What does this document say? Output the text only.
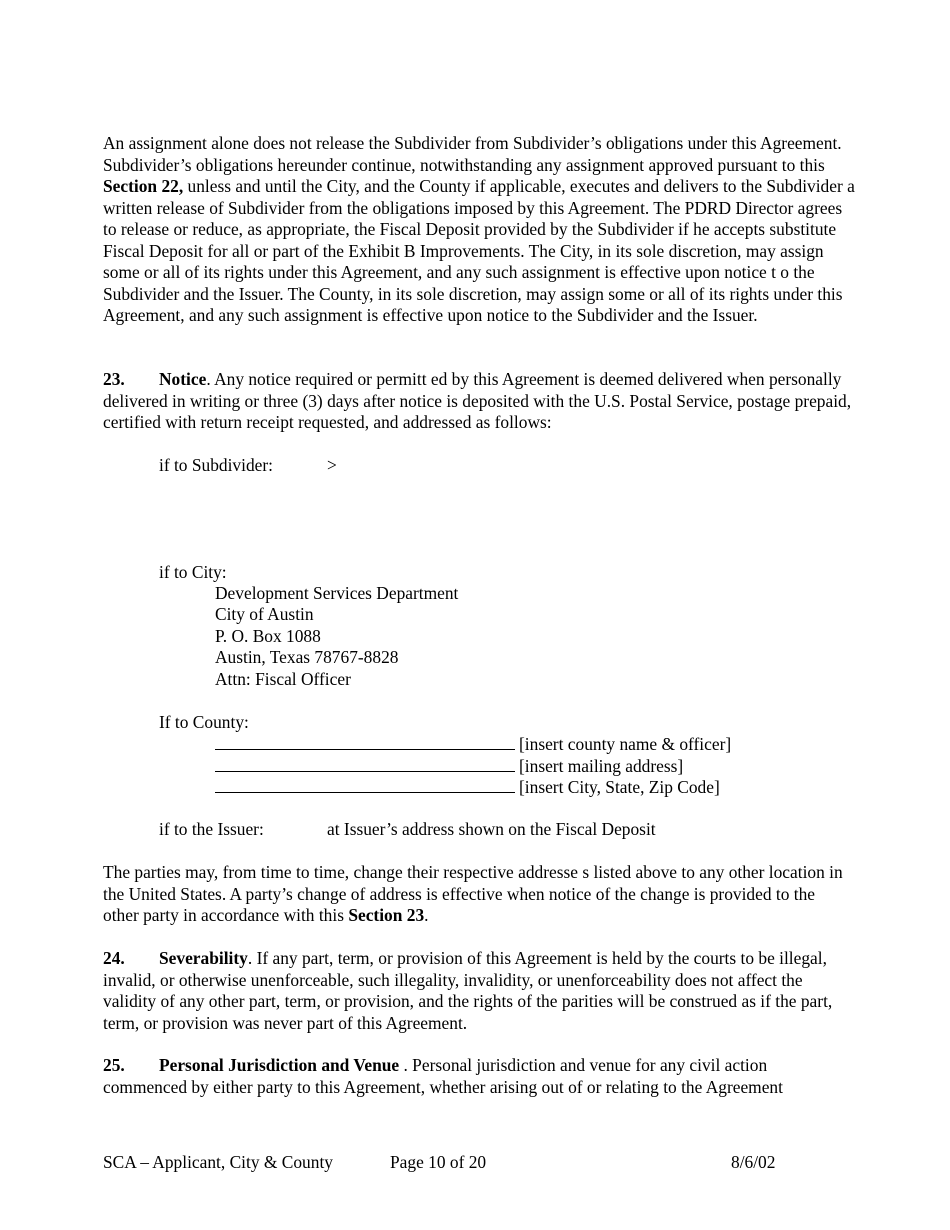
An assignment alone does not release the Subdivider from Subdivider’s obligations under this Agreement. Subdivider’s obligations hereunder continue, notwithstanding any assignment approved pursuant to this Section 22, unless and until the City, and the County if applicable, executes and delivers to the Subdivider a written release of Subdivider from the obligations imposed by this Agreement. The PDRD Director agrees to release or reduce, as appropriate, the Fiscal Deposit provided by the Subdivider if he accepts substitute Fiscal Deposit for all or part of the Exhibit B Improvements. The City, in its sole discretion, may assign some or all of its rights under this Agreement, and any such assignment is effective upon notice t o the Subdivider and the Issuer. The County, in its sole discretion, may assign some or all of its rights under this Agreement, and any such assignment is effective upon notice to the Subdivider and the Issuer.

23. Notice. Any notice required or permitt ed by this Agreement is deemed delivered when personally delivered in writing or three (3) days after notice is deposited with the U.S. Postal Service, postage prepaid, certified with return receipt requested, and addressed as follows:

if to Subdivider:	>
if to City:
Development Services Department
City of Austin
P. O. Box 1088
Austin, Texas 78767-8828
Attn: Fiscal Officer
If to County:
[insert county name & officer]
[insert mailing address]
[insert City, State, Zip Code]
if to the Issuer:	at Issuer’s address shown on the Fiscal Deposit

The parties may, from time to time, change their respective addresse s listed above to any other location in the United States. A party’s change of address is effective when notice of the change is provided to the other party in accordance with this Section 23.

24. Severability. If any part, term, or provision of this Agreement is held by the courts to be illegal, invalid, or otherwise unenforceable, such illegality, invalidity, or unenforceability does not affect the validity of any other part, term, or provision, and the rights of the parities will be construed as if the part, term, or provision was never part of this Agreement.

25. Personal Jurisdiction and Venue . Personal jurisdiction and venue for any civil action commenced by either party to this Agreement, whether arising out of or relating to the Agreement

SCA – Applicant, City & County	Page 10 of 20	8/6/02
